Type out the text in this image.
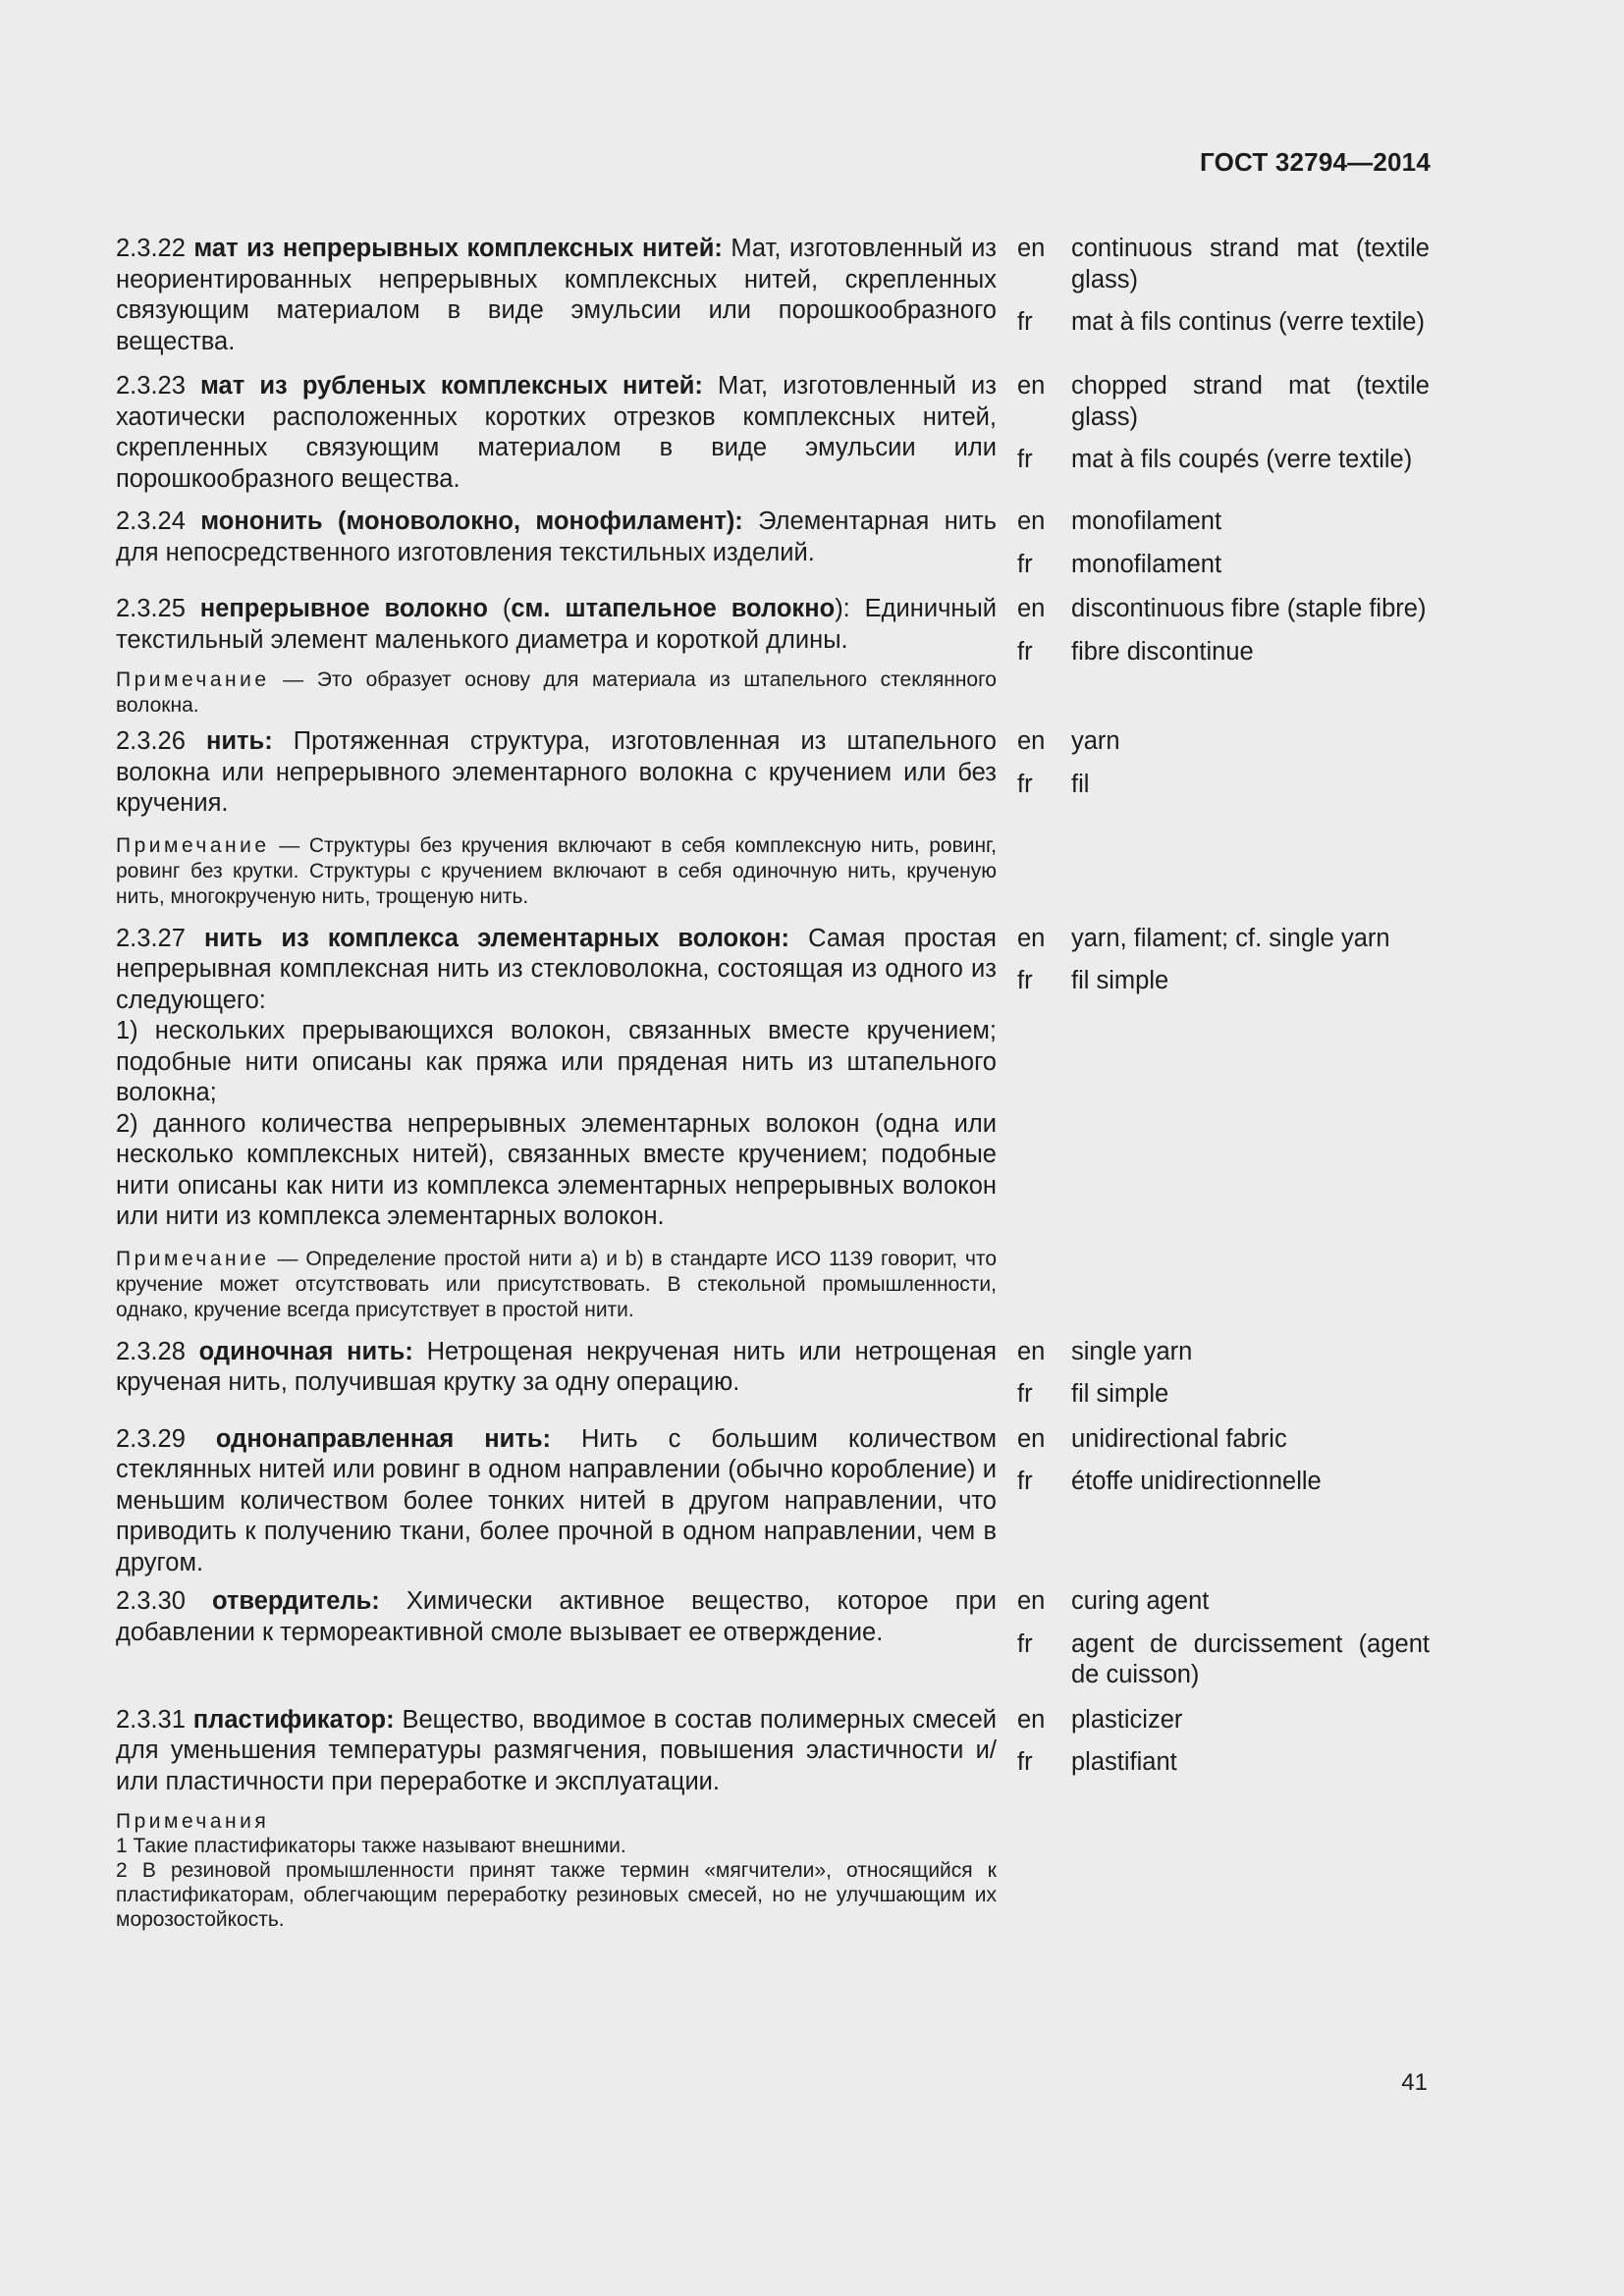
ГОСТ 32794—2014

2.3.22 мат из непрерывных комплексных нитей: Мат, изготовленный из неориентированных непрерывных комплексных нитей, скрепленных связующим материалом в виде эмульсии или порошкообразного вещества.

en	continuous strand mat (textile glass)
fr	mat à fils continus (verre textile)

2.3.23 мат из рубленых комплексных нитей: Мат, изготовленный из хаотически расположенных коротких отрезков комплексных нитей, скрепленных связующим материалом в виде эмульсии или порошкообразного вещества.

en	chopped strand mat (textile glass)
fr	mat à fils coupés (verre textile)

2.3.24 мононить (моноволокно, монофиламент): Элементарная нить для непосредственного изготовления текстильных изделий.

en	monofilament
fr	monofilament

2.3.25 непрерывное волокно (см. штапельное волокно): Единичный текстильный элемент маленького диаметра и короткой длины.

Примечание — Это образует основу для материала из штапельного стеклянного волокна.

en	discontinuous fibre (staple fibre)
fr	fibre discontinue

2.3.26 нить: Протяженная структура, изготовленная из штапельного волокна или непрерывного элементарного волокна с кручением или без кручения.

Примечание — Структуры без кручения включают в себя комплексную нить, ровинг, ровинг без крутки. Структуры с кручением включают в себя одиночную нить, крученую нить, многокрученую нить, трощеную нить.

en	yarn
fr	fil

2.3.27 нить из комплекса элементарных волокон: Самая простая непрерывная комплексная нить из стекловолокна, состоящая из одного из следующего:

1) нескольких прерывающихся волокон, связанных вместе кручением; подобные нити описаны как пряжа или пряденая нить из штапельного волокна;

2) данного количества непрерывных элементарных волокон (одна или несколько комплексных нитей), связанных вместе кручением; подобные нити описаны как нити из комплекса элементарных непрерывных волокон или нити из комплекса элементарных волокон.

Примечание — Определение простой нити a) и b) в стандарте ИСО 1139 говорит, что кручение может отсутствовать или присутствовать. В стекольной промышленности, однако, кручение всегда присутствует в простой нити.

en	yarn, filament; cf. single yarn
fr	fil simple

2.3.28 одиночная нить: Нетрощеная некрученая нить или нетрощеная крученая нить, получившая крутку за одну операцию.

en	single yarn
fr	fil simple

2.3.29 однонаправленная нить: Нить с большим количеством стеклянных нитей или ровинг в одном направлении (обычно коробление) и меньшим количеством более тонких нитей в другом направлении, что приводить к получению ткани, более прочной в одном направлении, чем в другом.

en	unidirectional fabric
fr	étoffe unidirectionnelle

2.3.30 отвердитель: Химически активное вещество, которое при добавлении к термореактивной смоле вызывает ее отверждение.

en	curing agent
fr	agent de durcissement (agent de cuisson)

2.3.31 пластификатор: Вещество, вводимое в состав полимерных смесей для уменьшения температуры размягчения, повышения эластичности и/или пластичности при переработке и эксплуатации.

Примечания
1 Такие пластификаторы также называют внешними.
2 В резиновой промышленности принят также термин «мягчители», относящийся к пластификаторам, облегчающим переработку резиновых смесей, но не улучшающим их морозостойкость.
en	plasticizer
fr	plastifiant
41
